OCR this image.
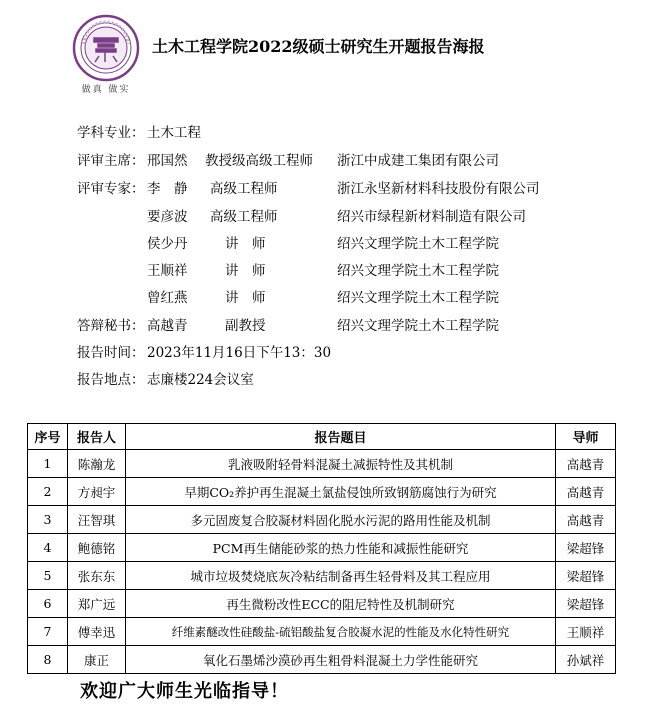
做真 做实
土木工程学院2022级硕士研究生开题报告海报
学科专业： 土木工程
评审主席： 邢国然 教授级高级工程师 浙江中成建工集团有限公司
评审专家： 李　静 高级工程师	浙江永坚新材料科技股份有限公司
要彦波 高级工程师	绍兴市绿程新材料制造有限公司
侯少丹	讲　师	绍兴文理学院土木工程学院
王顺祥	讲　师	绍兴文理学院土木工程学院
曾红燕	讲　师	绍兴文理学院土木工程学院
答辩秘书： 高越青	副教授	绍兴文理学院土木工程学院
报告时间： 2023年11月16日下午13：30
报告地点： 志廉楼224会议室
序号	报告人	报告题目	导师
1	陈瀚龙	乳液吸附轻骨料混凝土减振特性及其机制	高越青
2	方昶宇	早期CO₂养护再生混凝土氯盐侵蚀所致钢筋腐蚀行为研究	高越青
3	汪智琪	多元固废复合胶凝材料固化脱水污泥的路用性能及机制	高越青
4	鲍德铭	PCM再生储能砂浆的热力性能和减振性能研究	梁超锋
5	张东东	城市垃圾焚烧底灰冷粘结制备再生轻骨料及其工程应用	梁超锋
6	郑广远	再生微粉改性ECC的阻尼特性及机制研究	梁超锋
7	傅幸迅	纤维素醚改性硅酸盐-硫铝酸盐复合胶凝水泥的性能及水化特性研究	王顺祥
8	康正	氧化石墨烯沙漠砂再生粗骨料混凝土力学性能研究	孙斌祥
欢迎广大师生光临指导！
